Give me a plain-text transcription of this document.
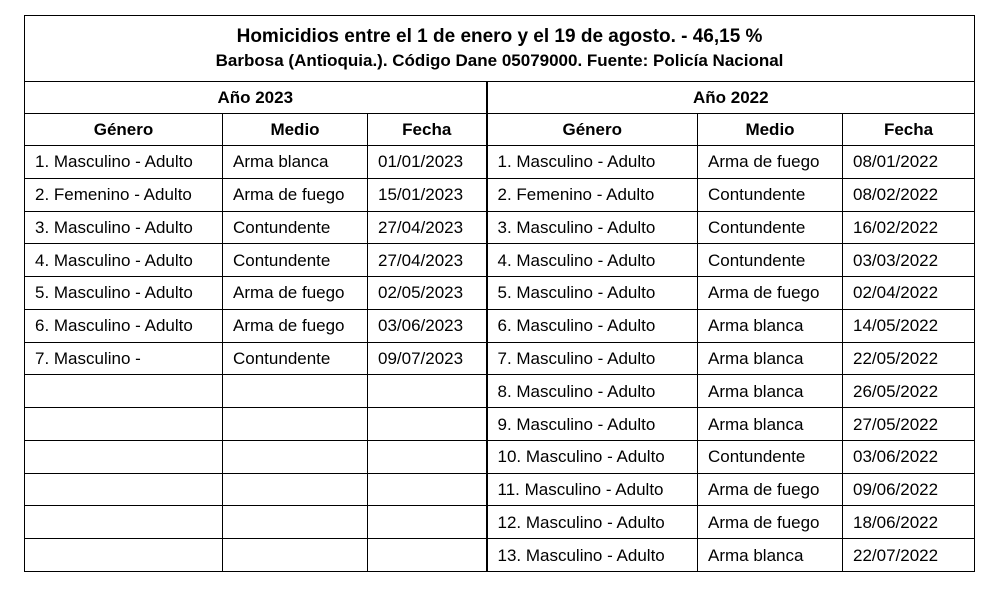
Homicidios entre el 1 de enero y el 19 de agosto. - 46,15 %
Barbosa (Antioquia.). Código Dane 05079000. Fuente: Policía Nacional					

Año 2023			Año 2022		
Género	Medio	Fecha	Género	Medio	Fecha
1. Masculino - Adulto	Arma blanca	01/01/2023	1. Masculino - Adulto	Arma de fuego	08/01/2022
2. Femenino - Adulto	Arma de fuego	15/01/2023	2. Femenino - Adulto	Contundente	08/02/2022
3. Masculino - Adulto	Contundente	27/04/2023	3. Masculino - Adulto	Contundente	16/02/2022
4. Masculino - Adulto	Contundente	27/04/2023	4. Masculino - Adulto	Contundente	03/03/2022
5. Masculino - Adulto	Arma de fuego	02/05/2023	5. Masculino - Adulto	Arma de fuego	02/04/2022
6. Masculino - Adulto	Arma de fuego	03/06/2023	6. Masculino - Adulto	Arma blanca	14/05/2022
7. Masculino -	Contundente	09/07/2023	7. Masculino - Adulto	Arma blanca	22/05/2022
			8. Masculino - Adulto	Arma blanca	26/05/2022
			9. Masculino - Adulto	Arma blanca	27/05/2022
			10. Masculino - Adulto	Contundente	03/06/2022
			11. Masculino - Adulto	Arma de fuego	09/06/2022
			12. Masculino - Adulto	Arma de fuego	18/06/2022
			13. Masculino - Adulto	Arma blanca	22/07/2022
